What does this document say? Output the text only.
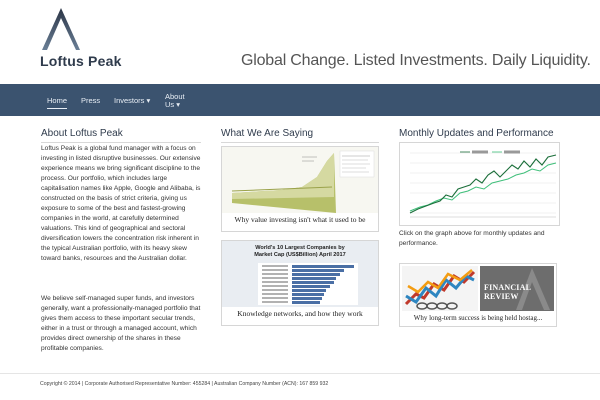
Loftus Peak	Global Change. Listed Investments. Daily Liquidity.
Home Press Investors ▾ About
Us ▾
About Loftus Peak
Loftus Peak is a global fund manager with a focus on investing in listed disruptive businesses. Our extensive experience means we bring significant discipline to the process. Our portfolio, which includes large capitalisation names like Apple, Google and Alibaba, is constructed on the basis of strict criteria, giving us exposure to some of the best and fastest-growing companies in the world, at carefully determined valuations. This kind of geographical and sectoral diversification lowers the concentration risk inherent in the typical Australian portfolio, with its heavy skew toward banks, resources and the Australian dollar.
We believe self-managed super funds, and investors generally, want a professionally-managed portfolio that gives them access to these important secular trends, either in a trust or through a managed account, which provides direct ownership of the shares in these profitable companies.
What We Are Saying
Why value investing isn't what it used to be
World's 10 Largest Companies by
Market Cap (US$Billion) April 2017
Knowledge networks, and how they work
Monthly Updates and Performance
Click on the graph above for monthly updates and performance.
FINANCIAL REVIEW
Why long-term success is being held hostag...
Copyright © 2014 | Corporate Authorised Representative Number: 455284 | Australian Company Number (ACN): 167 859 932
